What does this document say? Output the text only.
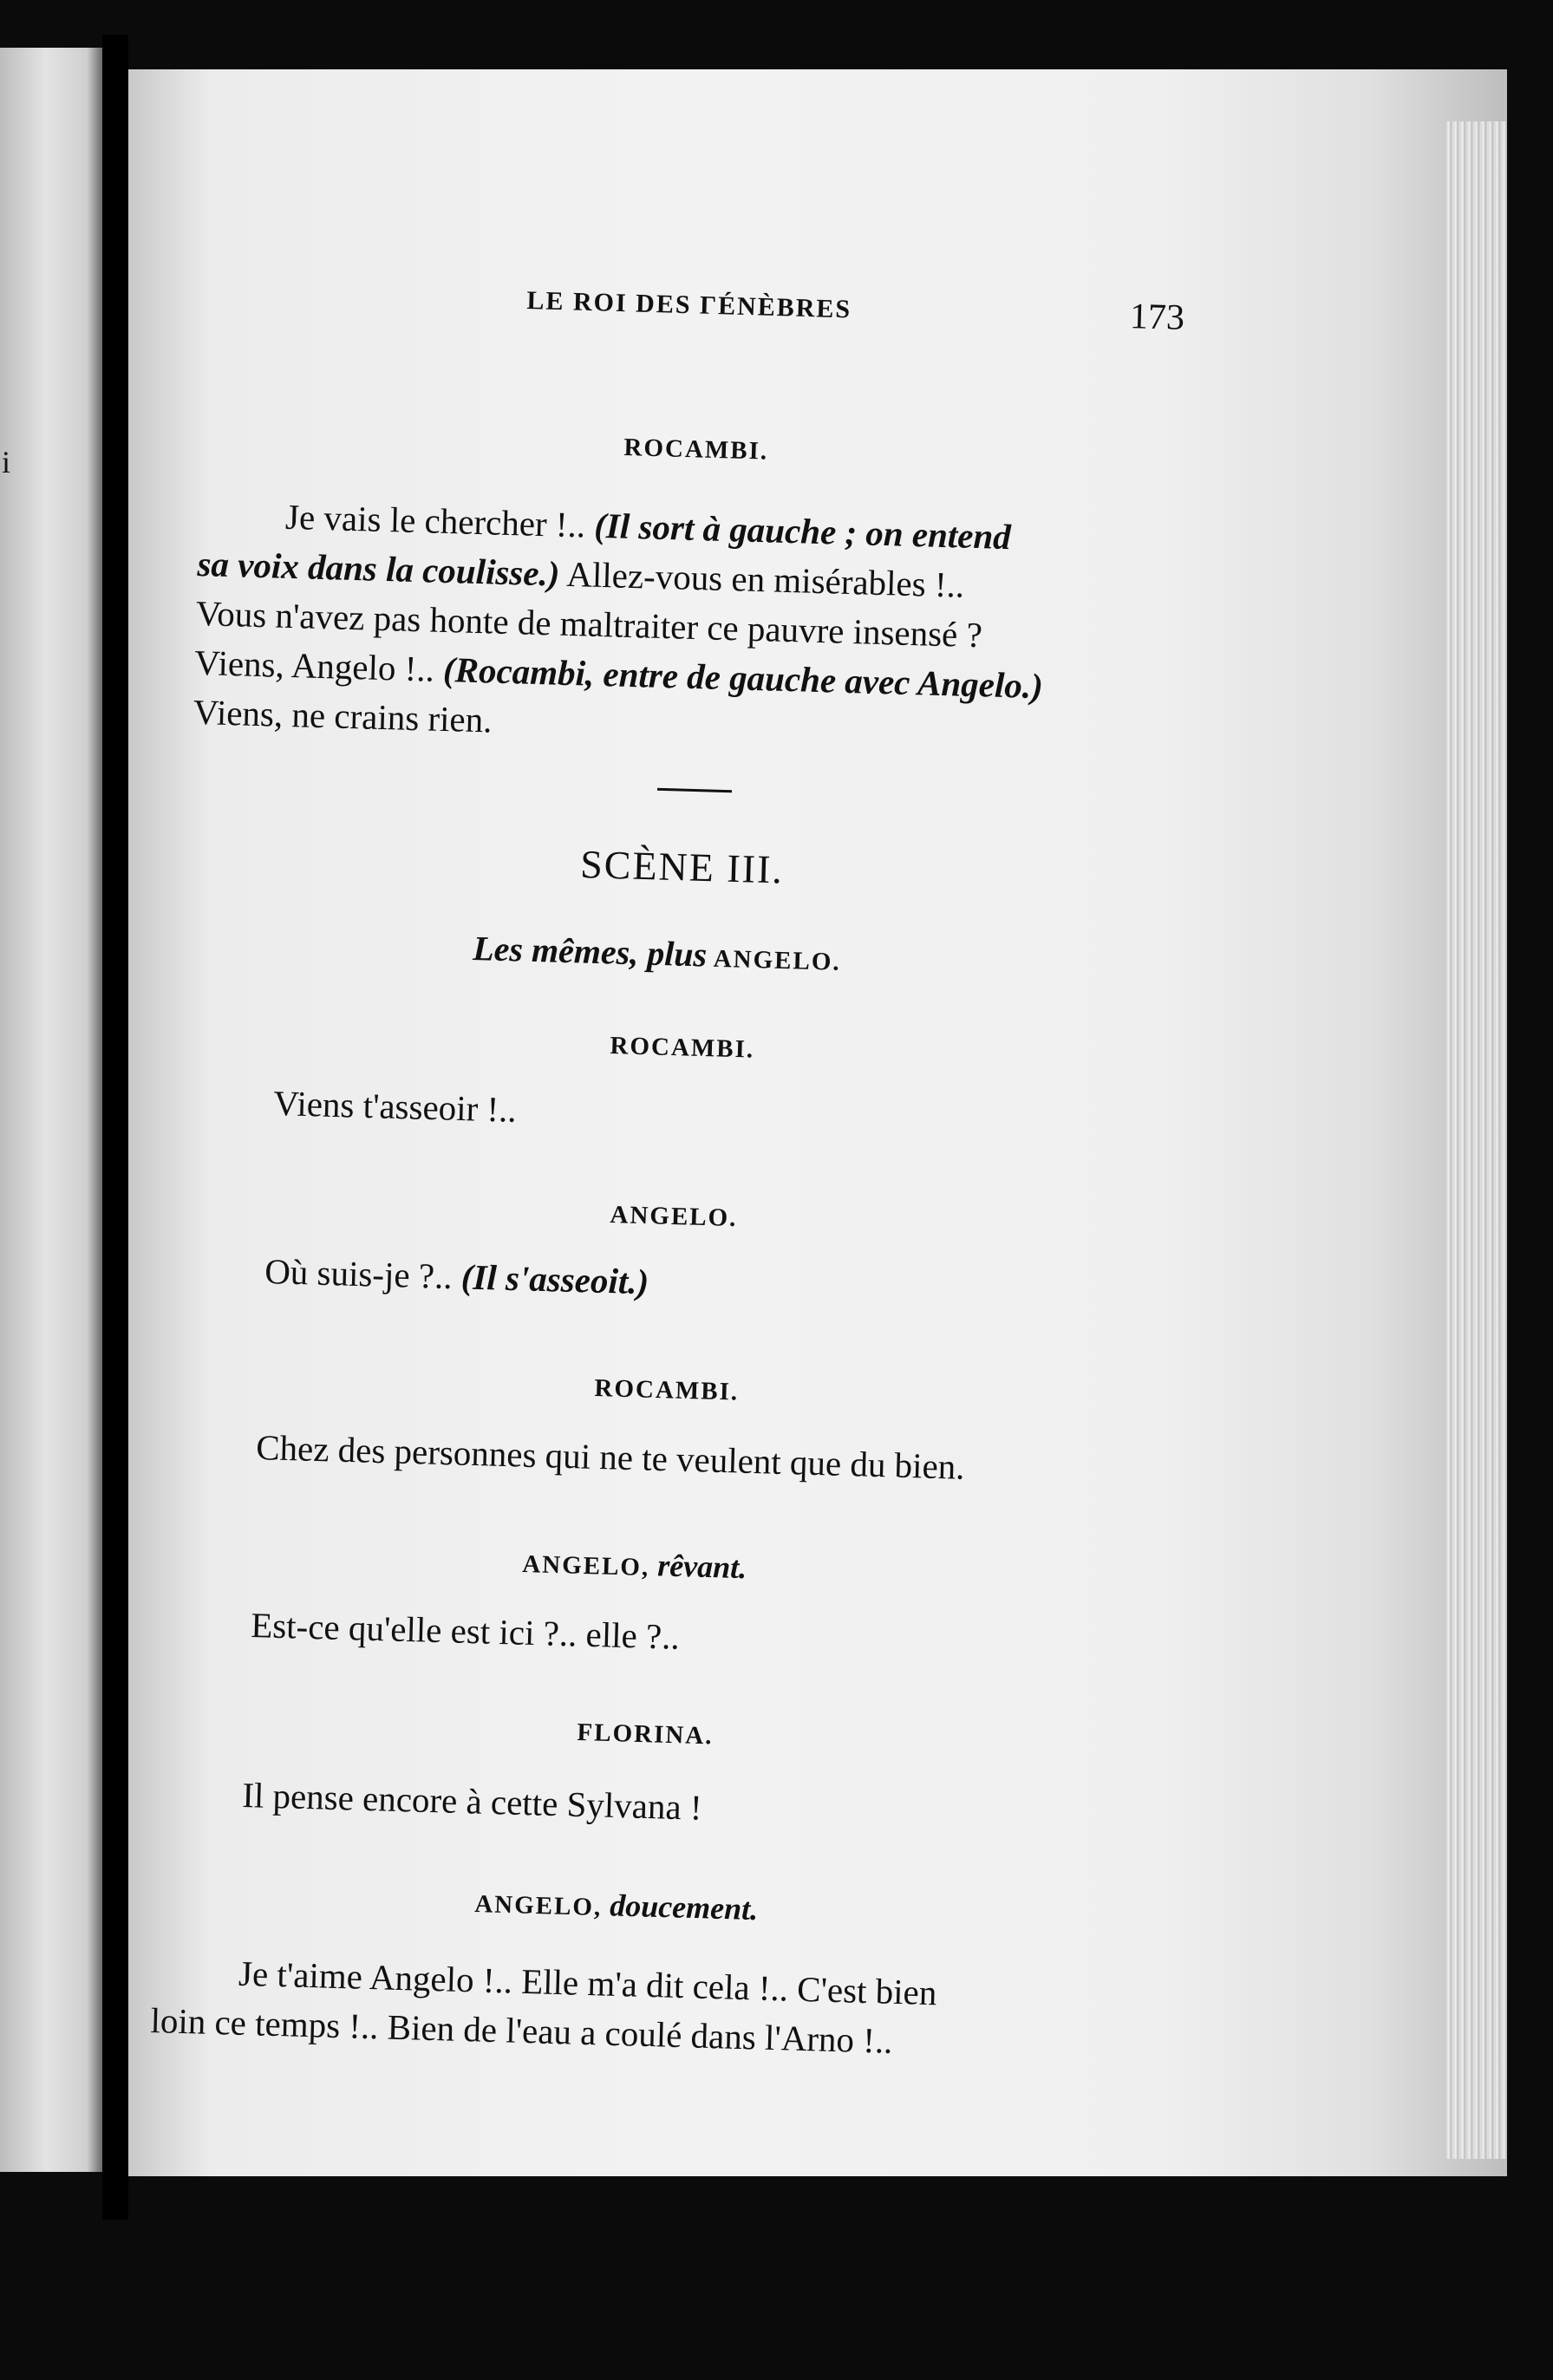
i
LE ROI DES ΓÉNÈBRES	173
ROCAMBI.
Je vais le chercher !.. (Il sort à gauche ; on entend
sa voix dans la coulisse.) Allez-vous en misérables !..
Vous n'avez pas honte de maltraiter ce pauvre insensé ?
Viens, Angelo !.. (Rocambi, entre de gauche avec Angelo.)
Viens, ne crains rien.
SCÈNE III.
Les mêmes, plus ANGELO.
ROCAMBI.
Viens t'asseoir !..
ANGELO.
Où suis-je ?.. (Il s'asseoit.)
ROCAMBI.
Chez des personnes qui ne te veulent que du bien.
ANGELO, rêvant.
Est-ce qu'elle est ici ?.. elle ?..
FLORINA.
Il pense encore à cette Sylvana !
ANGELO, doucement.
Je t'aime Angelo !.. Elle m'a dit cela !.. C'est bien
loin ce temps !.. Bien de l'eau a coulé dans l'Arno !..
